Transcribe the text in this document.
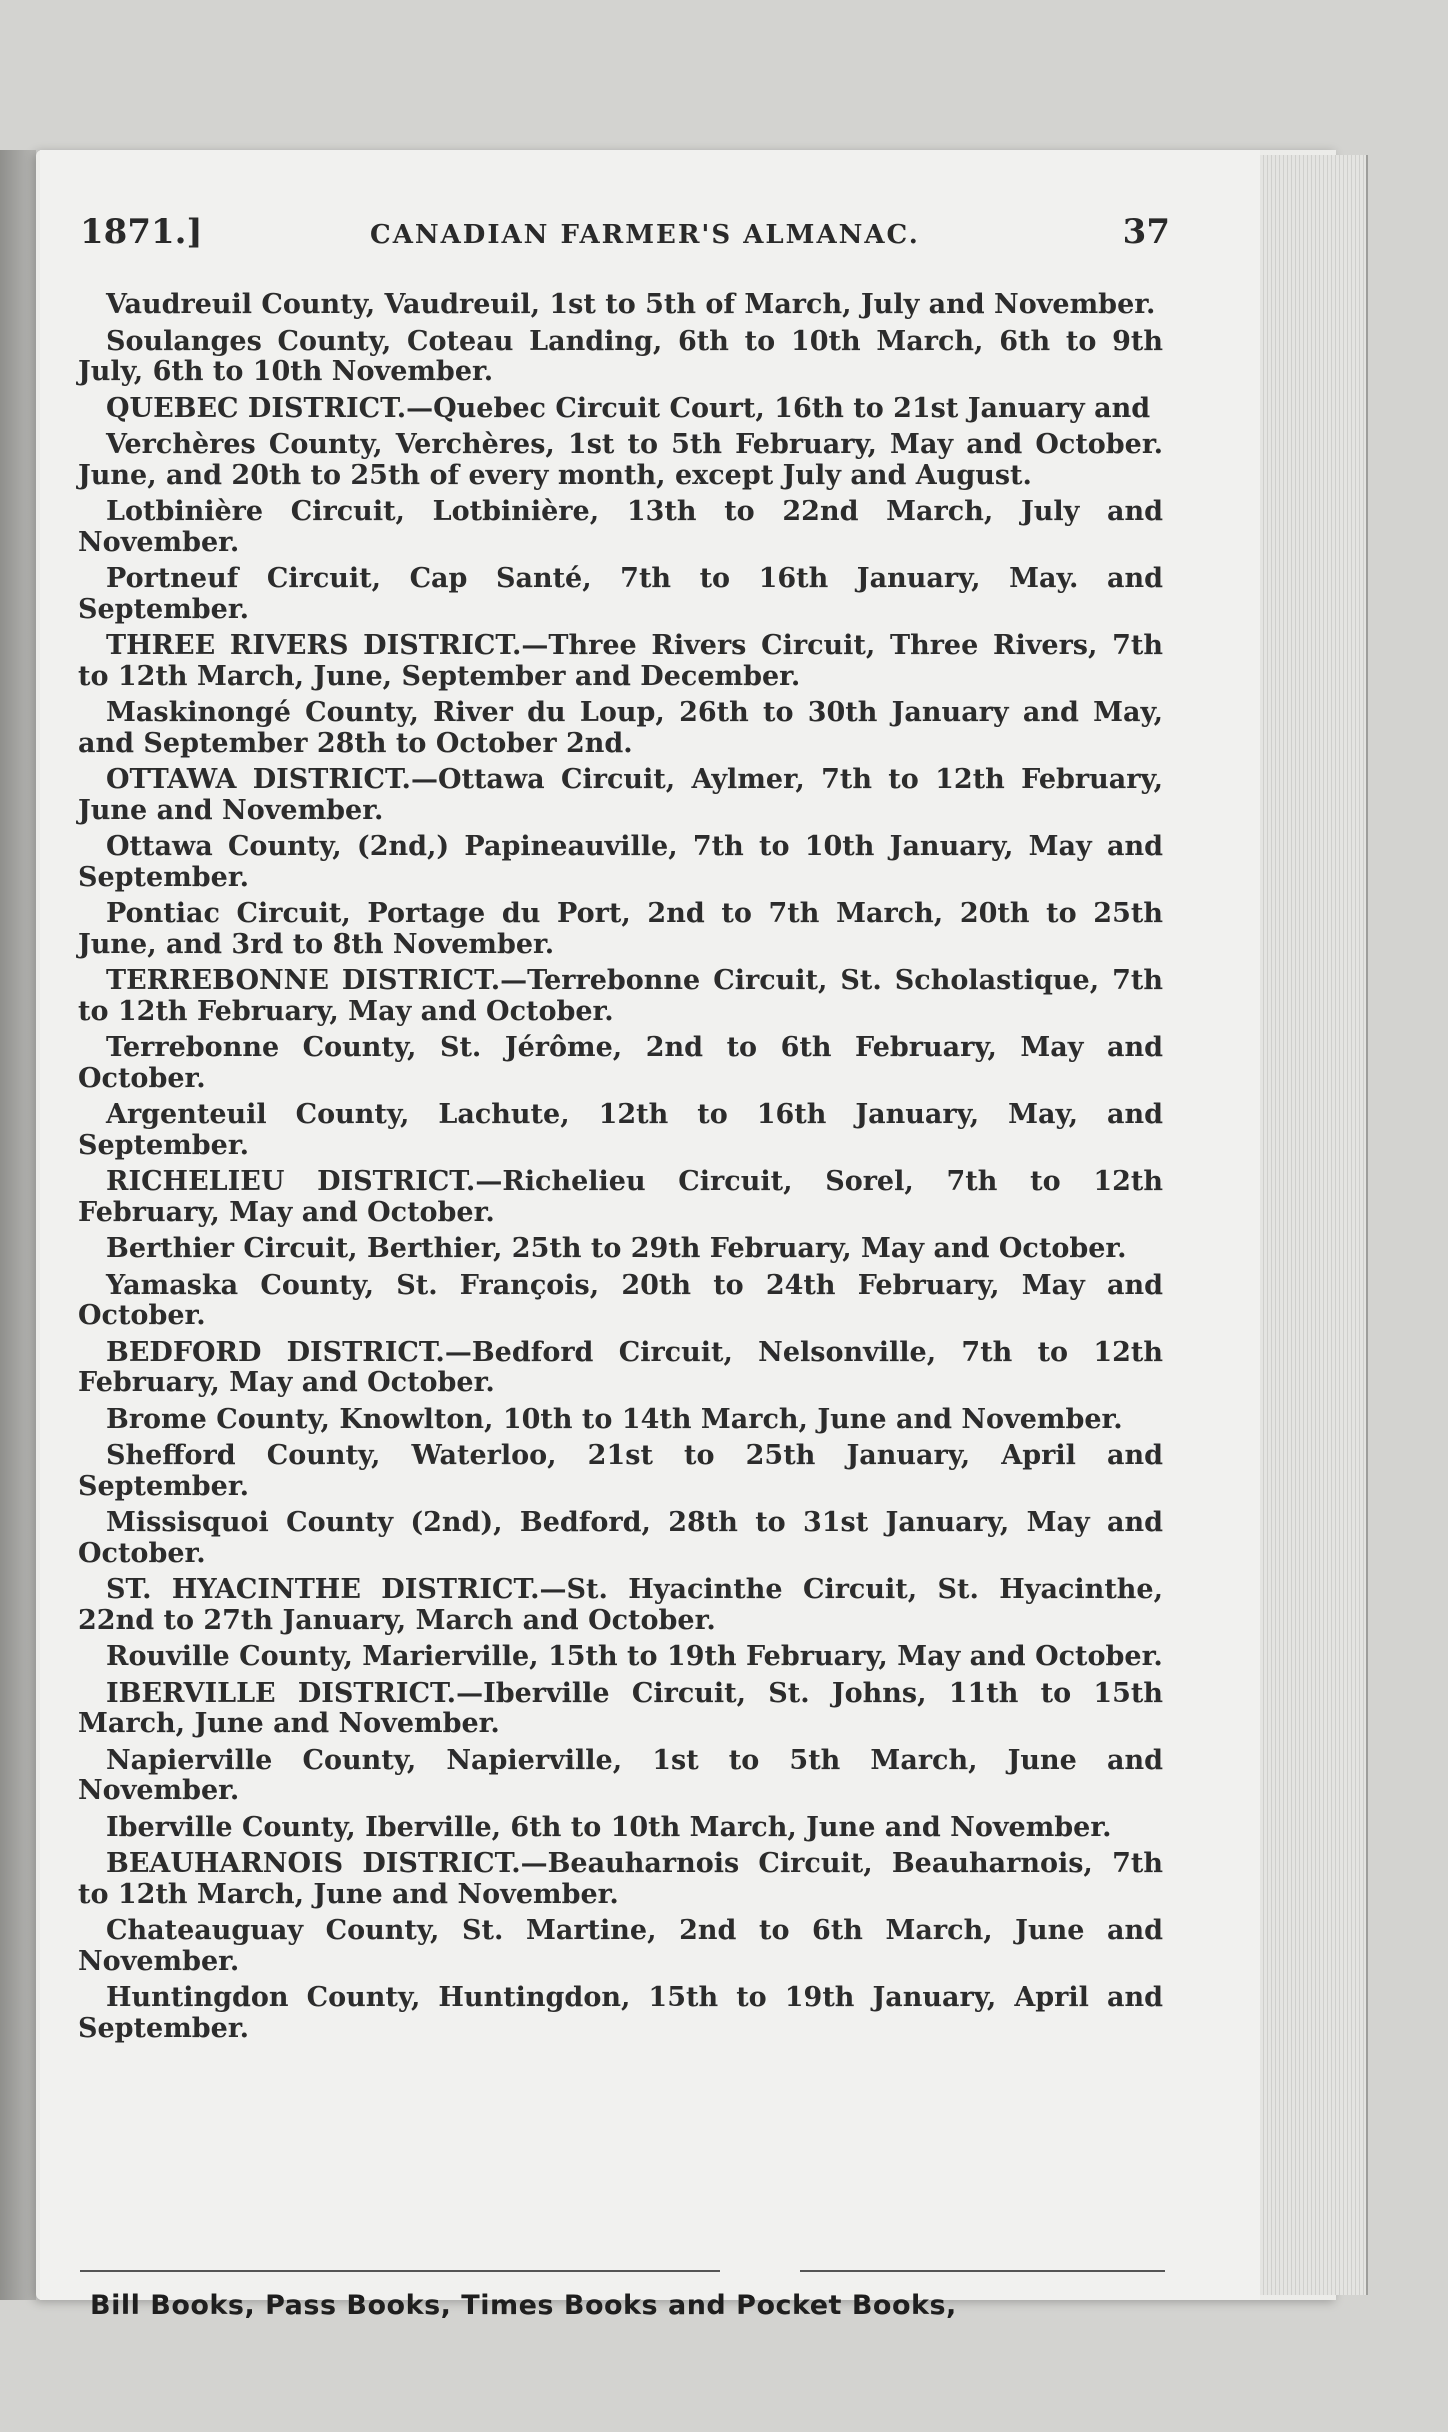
1871.]	CANADIAN FARMER'S ALMANAC.	37

Vaudreuil County, Vaudreuil, 1st to 5th of March, July and November.

Soulanges County, Coteau Landing, 6th to 10th March, 6th to 9th July, 6th to 10th November.

QUEBEC DISTRICT.—Quebec Circuit Court, 16th to 21st January and

Verchères County, Verchères, 1st to 5th February, May and October. June, and 20th to 25th of every month, except July and August.

Lotbinière Circuit, Lotbinière, 13th to 22nd March, July and November.

Portneuf Circuit, Cap Santé, 7th to 16th January, May. and September.

THREE RIVERS DISTRICT.—Three Rivers Circuit, Three Rivers, 7th to 12th March, June, September and December.

Maskinongé County, River du Loup, 26th to 30th January and May, and September 28th to October 2nd.

OTTAWA DISTRICT.—Ottawa Circuit, Aylmer, 7th to 12th February, June and November.

Ottawa County, (2nd,) Papineauville, 7th to 10th January, May and September.

Pontiac Circuit, Portage du Port, 2nd to 7th March, 20th to 25th June, and 3rd to 8th November.

TERREBONNE DISTRICT.—Terrebonne Circuit, St. Scholastique, 7th to 12th February, May and October.

Terrebonne County, St. Jérôme, 2nd to 6th February, May and October.

Argenteuil County, Lachute, 12th to 16th January, May, and September.

RICHELIEU DISTRICT.—Richelieu Circuit, Sorel, 7th to 12th February, May and October.

Berthier Circuit, Berthier, 25th to 29th February, May and October.

Yamaska County, St. François, 20th to 24th February, May and October.

BEDFORD DISTRICT.—Bedford Circuit, Nelsonville, 7th to 12th February, May and October.

Brome County, Knowlton, 10th to 14th March, June and November.

Shefford County, Waterloo, 21st to 25th January, April and September.

Missisquoi County (2nd), Bedford, 28th to 31st January, May and October.

ST. HYACINTHE DISTRICT.—St. Hyacinthe Circuit, St. Hyacinthe, 22nd to 27th January, March and October.

Rouville County, Marierville, 15th to 19th February, May and October.

IBERVILLE DISTRICT.—Iberville Circuit, St. Johns, 11th to 15th March, June and November.

Napierville County, Napierville, 1st to 5th March, June and November.

Iberville County, Iberville, 6th to 10th March, June and November.

BEAUHARNOIS DISTRICT.—Beauharnois Circuit, Beauharnois, 7th to 12th March, June and November.

Chateauguay County, St. Martine, 2nd to 6th March, June and November.

Huntingdon County, Huntingdon, 15th to 19th January, April and September.

Bill Books, Pass Books, Times Books and Pocket Books,
